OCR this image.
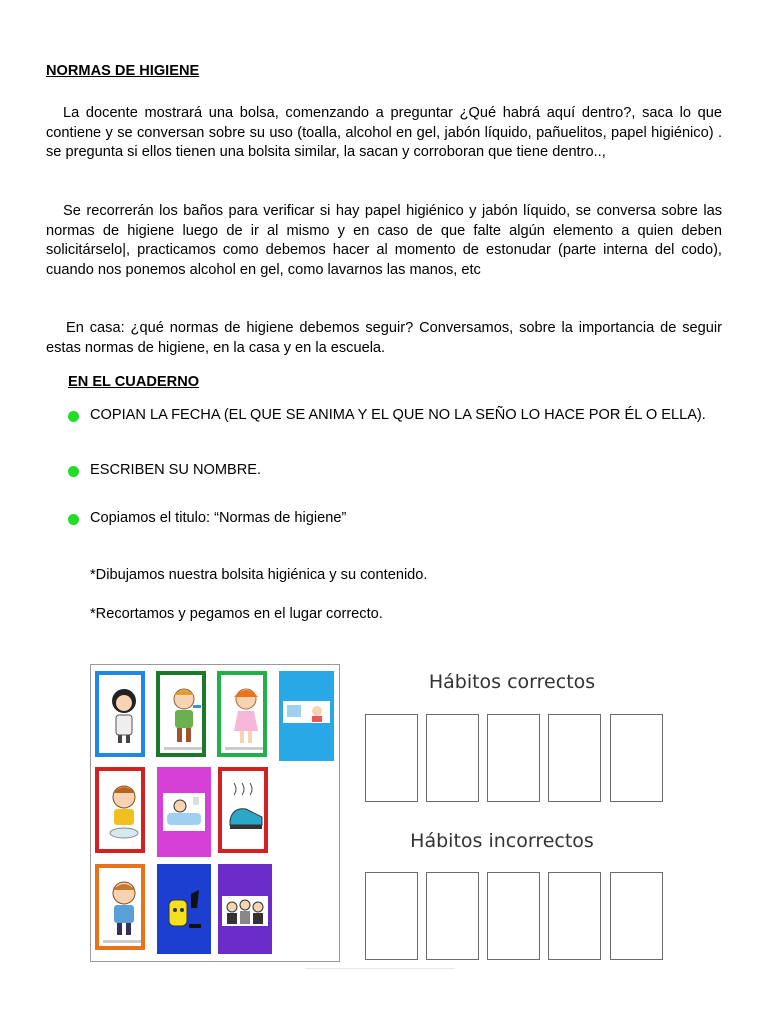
NORMAS DE HIGIENE
La docente mostrará una bolsa, comenzando a preguntar ¿Qué habrá aquí dentro?, saca lo que contiene y se conversan sobre su uso (toalla, alcohol en gel, jabón líquido, pañuelitos, papel higiénico) . se pregunta si ellos tienen una bolsita similar, la sacan y corroboran que tiene dentro..,
Se recorrerán los baños para verificar si hay papel higiénico y jabón líquido, se conversa sobre las normas de higiene luego de ir al mismo y en caso de que falte algún elemento a quien deben solicitárselo|, practicamos como debemos hacer al momento de estonudar (parte interna del codo), cuando nos ponemos alcohol en gel, como lavarnos las manos, etc
En casa: ¿qué normas de higiene debemos seguir? Conversamos, sobre la importancia de seguir estas normas de higiene, en la casa y en la escuela.
EN EL CUADERNO
COPIAN LA FECHA (EL QUE SE ANIMA Y EL QUE NO LA SEÑO LO HACE POR ÉL O ELLA).
ESCRIBEN SU NOMBRE.
Copiamos el titulo: “Normas de higiene”
*Dibujamos nuestra bolsita higiénica y su contenido.
*Recortamos y pegamos en el lugar correcto.
Hábitos correctos
Hábitos incorrectos
